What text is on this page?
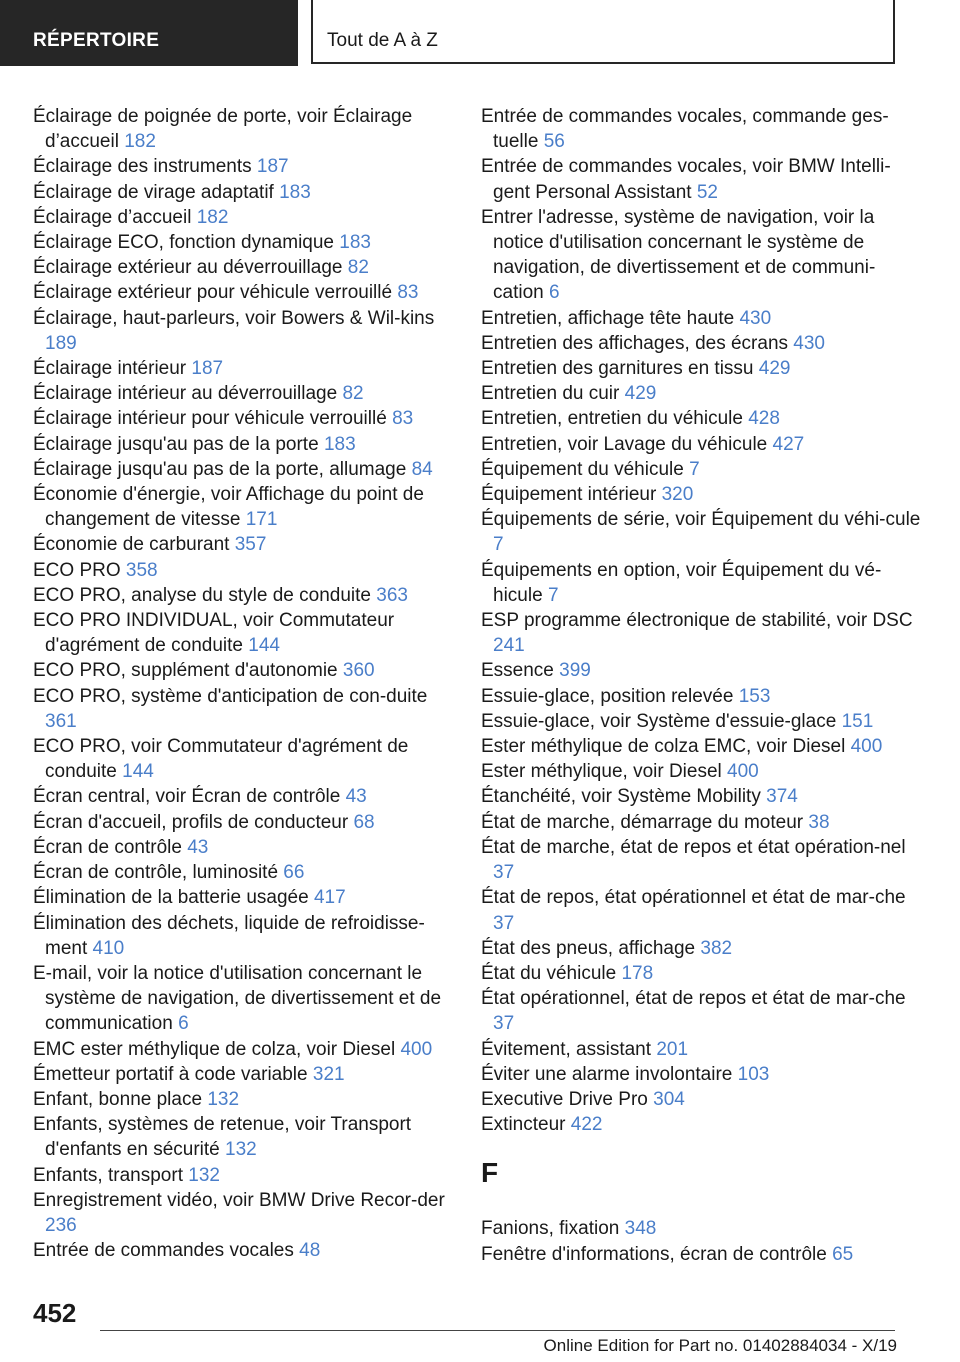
RÉPERTOIRE	Tout de A à Z
Éclairage de poignée de porte, voir Éclairage d’accueil 182
Éclairage des instruments 187
Éclairage de virage adaptatif 183
Éclairage d’accueil 182
Éclairage ECO, fonction dynamique 183
Éclairage extérieur au déverrouillage 82
Éclairage extérieur pour véhicule verrouillé 83
Éclairage, haut-parleurs, voir Bowers & Wil-kins 189
Éclairage intérieur 187
Éclairage intérieur au déverrouillage 82
Éclairage intérieur pour véhicule verrouillé 83
Éclairage jusqu'au pas de la porte 183
Éclairage jusqu'au pas de la porte, allumage 84
Économie d'énergie, voir Affichage du point de changement de vitesse 171
Économie de carburant 357
ECO PRO 358
ECO PRO, analyse du style de conduite 363
ECO PRO INDIVIDUAL, voir Commutateur d'agrément de conduite 144
ECO PRO, supplément d'autonomie 360
ECO PRO, système d'anticipation de con-duite 361
ECO PRO, voir Commutateur d'agrément de conduite 144
Écran central, voir Écran de contrôle 43
Écran d'accueil, profils de conducteur 68
Écran de contrôle 43
Écran de contrôle, luminosité 66
Élimination de la batterie usagée 417
Élimination des déchets, liquide de refroidisse-ment 410
E-mail, voir la notice d'utilisation concernant le système de navigation, de divertissement et de communication 6
EMC ester méthylique de colza, voir Diesel 400
Émetteur portatif à code variable 321
Enfant, bonne place 132
Enfants, systèmes de retenue, voir Transport d'enfants en sécurité 132
Enfants, transport 132
Enregistrement vidéo, voir BMW Drive Recor-der 236
Entrée de commandes vocales 48
Entrée de commandes vocales, commande ges-tuelle 56
Entrée de commandes vocales, voir BMW Intelli-gent Personal Assistant 52
Entrer l'adresse, système de navigation, voir la notice d'utilisation concernant le système de navigation, de divertissement et de communi-cation 6
Entretien, affichage tête haute 430
Entretien des affichages, des écrans 430
Entretien des garnitures en tissu 429
Entretien du cuir 429
Entretien, entretien du véhicule 428
Entretien, voir Lavage du véhicule 427
Équipement du véhicule 7
Équipement intérieur 320
Équipements de série, voir Équipement du véhi-cule 7
Équipements en option, voir Équipement du vé-hicule 7
ESP programme électronique de stabilité, voir DSC 241
Essence 399
Essuie-glace, position relevée 153
Essuie-glace, voir Système d'essuie-glace 151
Ester méthylique de colza EMC, voir Diesel 400
Ester méthylique, voir Diesel 400
Étanchéité, voir Système Mobility 374
État de marche, démarrage du moteur 38
État de marche, état de repos et état opération-nel 37
État de repos, état opérationnel et état de mar-che 37
État des pneus, affichage 382
État du véhicule 178
État opérationnel, état de repos et état de mar-che 37
Évitement, assistant 201
Éviter une alarme involontaire 103
Executive Drive Pro 304
Extincteur 422
F
Fanions, fixation 348
Fenêtre d'informations, écran de contrôle 65
452
Online Edition for Part no. 01402884034 - X/19
